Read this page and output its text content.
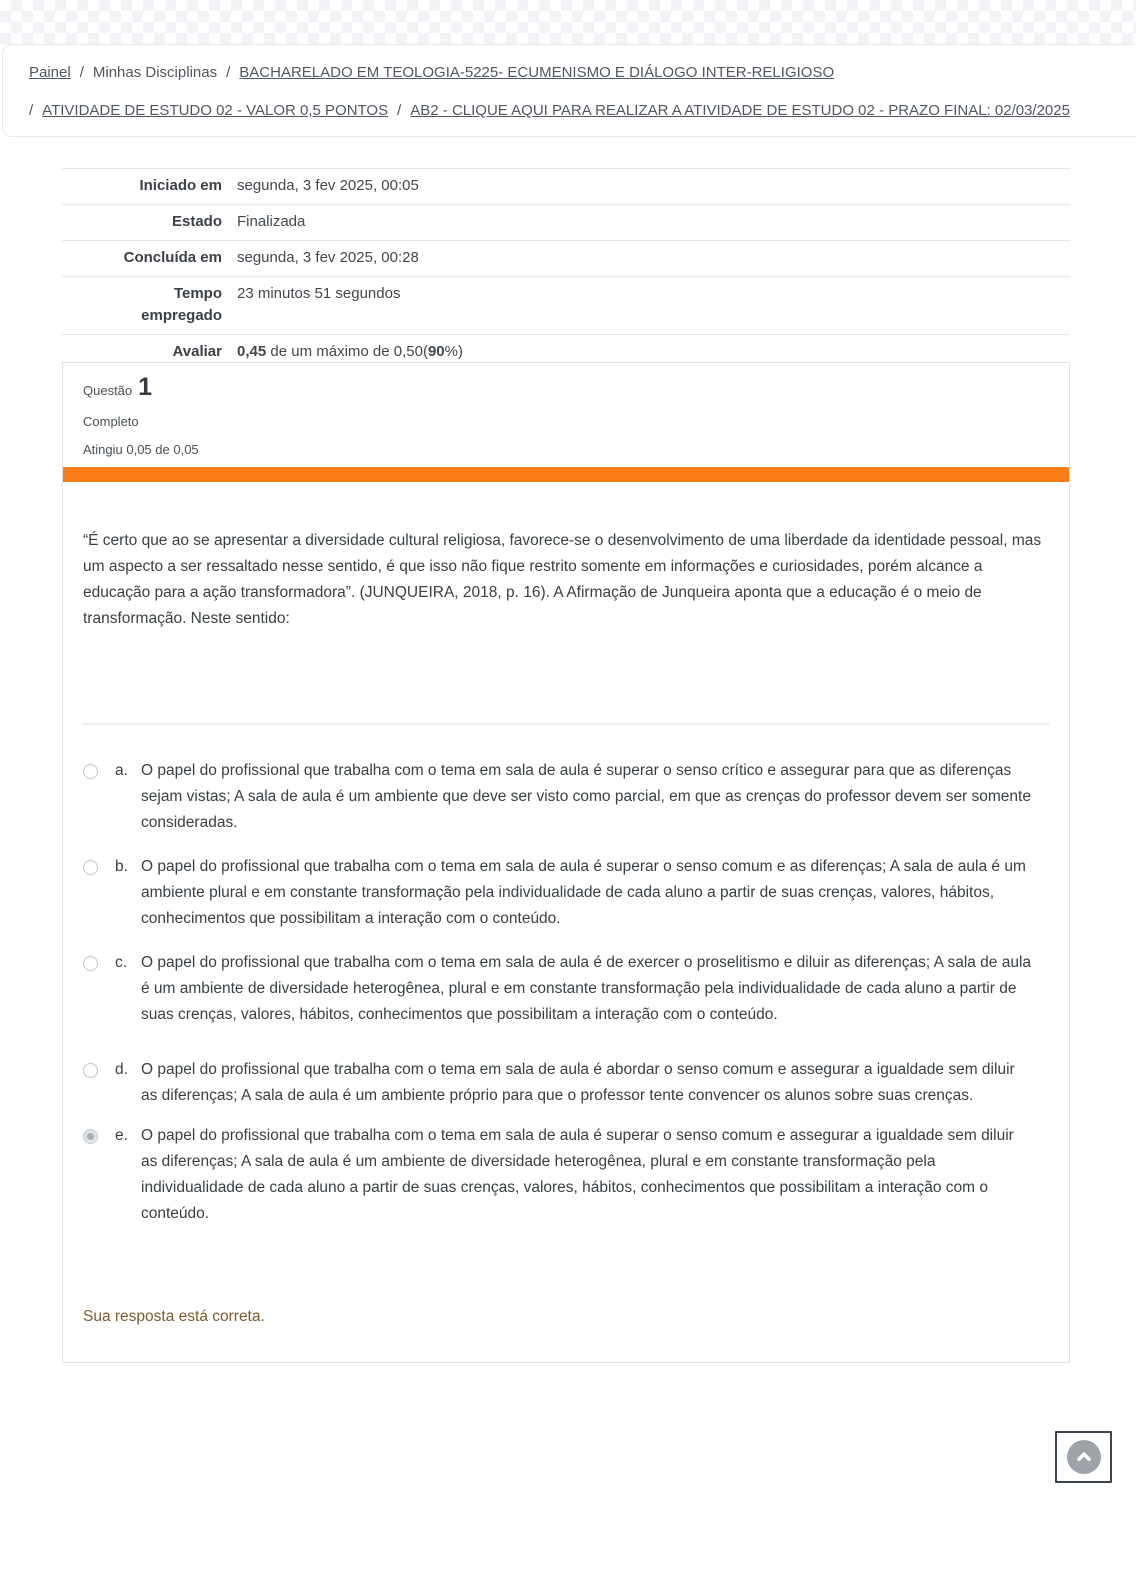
Painel / Minhas Disciplinas / BACHARELADO EM TEOLOGIA-5225- ECUMENISMO E DIÁLOGO INTER-RELIGIOSO
/ ATIVIDADE DE ESTUDO 02 - VALOR 0,5 PONTOS / AB2 - CLIQUE AQUI PARA REALIZAR A ATIVIDADE DE ESTUDO 02 - PRAZO FINAL: 02/03/2025
Iniciado em segunda, 3 fev 2025, 00:05
Estado Finalizada
Concluída em segunda, 3 fev 2025, 00:28
Tempo empregado
23 minutos 51 segundos
Avaliar 0,45 de um máximo de 0,50(90%)
Questão 1
Completo
Atingiu 0,05 de 0,05

“É certo que ao se apresentar a diversidade cultural religiosa, favorece-se o desenvolvimento de uma liberdade da identidade pessoal, mas um aspecto a ser ressaltado nesse sentido, é que isso não fique restrito somente em informações e curiosidades, porém alcance a educação para a ação transformadora”. (JUNQUEIRA, 2018, p. 16). A Afirmação de Junqueira aponta que a educação é o meio de transformação. Neste sentido:

a. O papel do profissional que trabalha com o tema em sala de aula é superar o senso crítico e assegurar para que as diferenças sejam vistas; A sala de aula é um ambiente que deve ser visto como parcial, em que as crenças do professor devem ser somente consideradas.
b. O papel do profissional que trabalha com o tema em sala de aula é superar o senso comum e as diferenças; A sala de aula é um ambiente plural e em constante transformação pela individualidade de cada aluno a partir de suas crenças, valores, hábitos, conhecimentos que possibilitam a interação com o conteúdo.
c. O papel do profissional que trabalha com o tema em sala de aula é de exercer o proselitismo e diluir as diferenças; A sala de aula é um ambiente de diversidade heterogênea, plural e em constante transformação pela individualidade de cada aluno a partir de suas crenças, valores, hábitos, conhecimentos que possibilitam a interação com o conteúdo.
d. O papel do profissional que trabalha com o tema em sala de aula é abordar o senso comum e assegurar a igualdade sem diluir as diferenças; A sala de aula é um ambiente próprio para que o professor tente convencer os alunos sobre suas crenças.
e. O papel do profissional que trabalha com o tema em sala de aula é superar o senso comum e assegurar a igualdade sem diluir as diferenças; A sala de aula é um ambiente de diversidade heterogênea, plural e em constante transformação pela individualidade de cada aluno a partir de suas crenças, valores, hábitos, conhecimentos que possibilitam a interação com o conteúdo.
Sua resposta está correta.
